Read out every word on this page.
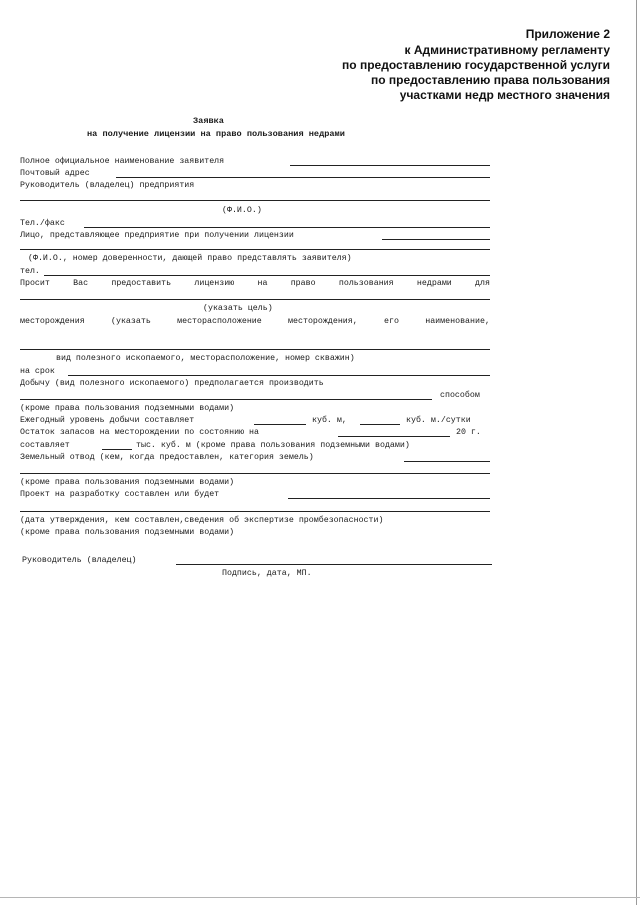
Приложение 2
к Административному регламенту
по предоставлению государственной услуги
по предоставлению права пользования
участками недр местного значения
Заявка
на получение лицензии на право пользования недрами
Полное официальное наименование заявителя
Почтовый адрес
Руководитель (владелец) предприятия
(Ф.И.О.)
Тел./факс
Лицо, представляющее предприятие при получении лицензии
(Ф.И.О., номер доверенности, дающей право представлять заявителя)
тел.
Просит	Вас	предоставить	лицензию	на	право	пользования	недрами	для
(указать цель)
месторождения	(указать	месторасположение	месторождения,	его	наименование,
вид полезного ископаемого, месторасположение, номер скважин)
на срок
Добычу (вид полезного ископаемого) предполагается производить
способом
(кроме права пользования подземными водами)
Ежегодный уровень добычи составляет	куб. м,	куб. м./сутки
Остаток запасов на месторождении по состоянию на	20 г.
составляет	тыс. куб. м (кроме права пользования подземными водами)
Земельный отвод (кем, когда предоставлен, категория земель)
(кроме права пользования подземными водами)
Проект на разработку составлен или будет
(дата утверждения, кем составлен,сведения об экспертизе промбезопасности)
(кроме права пользования подземными водами)
Руководитель (владелец)
Подпись, дата, МП.
